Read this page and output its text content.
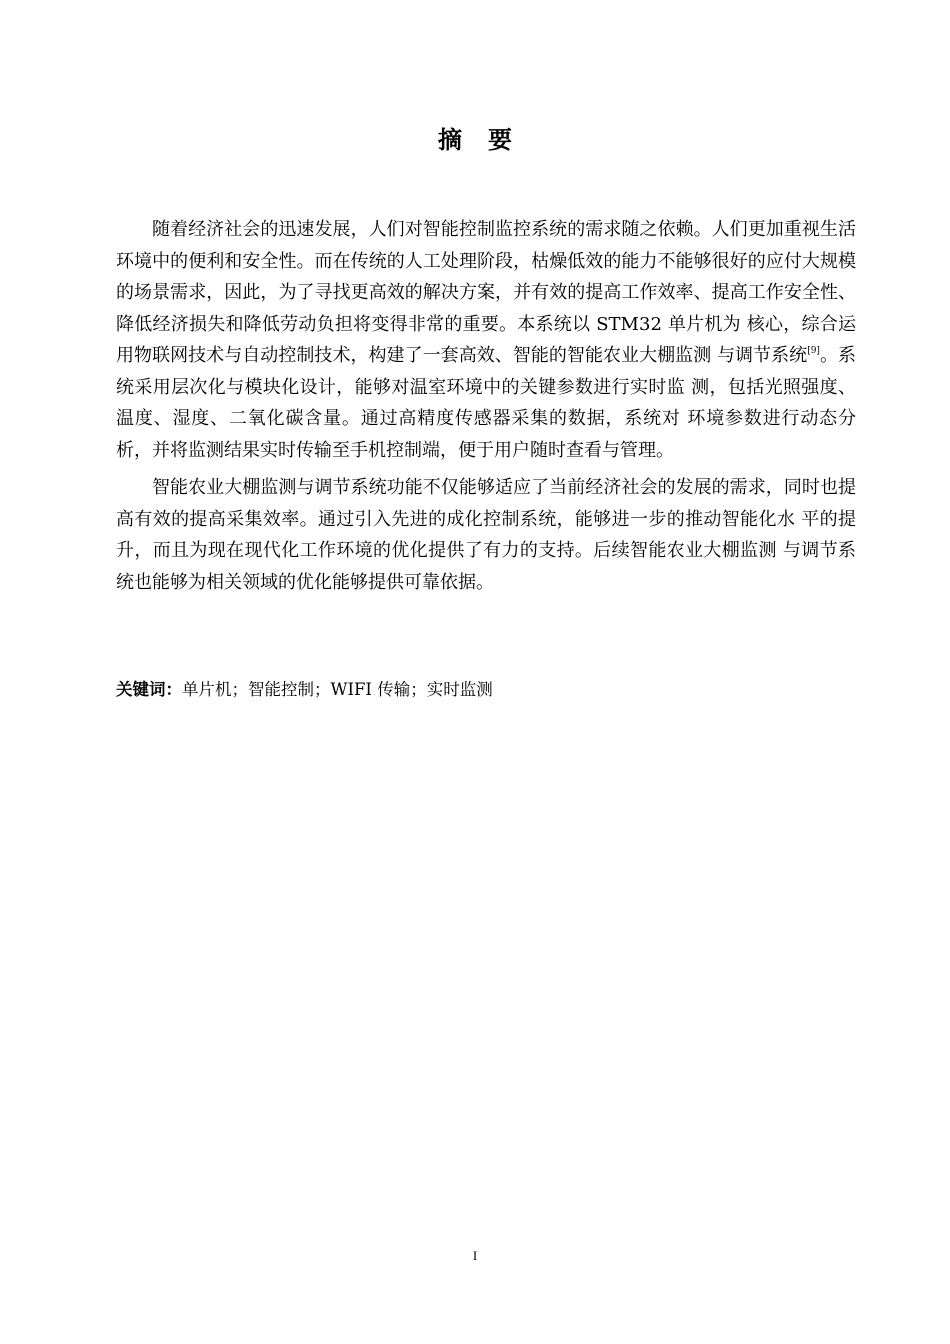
摘要

随着经济社会的迅速发展，人们对智能控制监控系统的需求随之依赖。人们更加重视生活环境中的便利和安全性。而在传统的人工处理阶段，枯燥低效的能力不能够很好的应付大规模的场景需求，因此，为了寻找更高效的解决方案，并有效的提高工作效率、提高工作安全性、降低经济损失和降低劳动负担将变得非常的重要。本系统以 STM32 单片机为 核心，综合运用物联网技术与自动控制技术，构建了一套高效、智能的智能农业大棚监测 与调节系统[9]。系统采用层次化与模块化设计，能够对温室环境中的关键参数进行实时监 测，包括光照强度、温度、湿度、二氧化碳含量。通过高精度传感器采集的数据，系统对 环境参数进行动态分析，并将监测结果实时传输至手机控制端，便于用户随时查看与管理。

智能农业大棚监测与调节系统功能不仅能够适应了当前经济社会的发展的需求，同时也提高有效的提高采集效率。通过引入先进的成化控制系统，能够进一步的推动智能化水 平的提升，而且为现在现代化工作环境的优化提供了有力的支持。后续智能农业大棚监测 与调节系统也能够为相关领域的优化能够提供可靠依据。

关键词：单片机；智能控制；WIFI 传输；实时监测
I
